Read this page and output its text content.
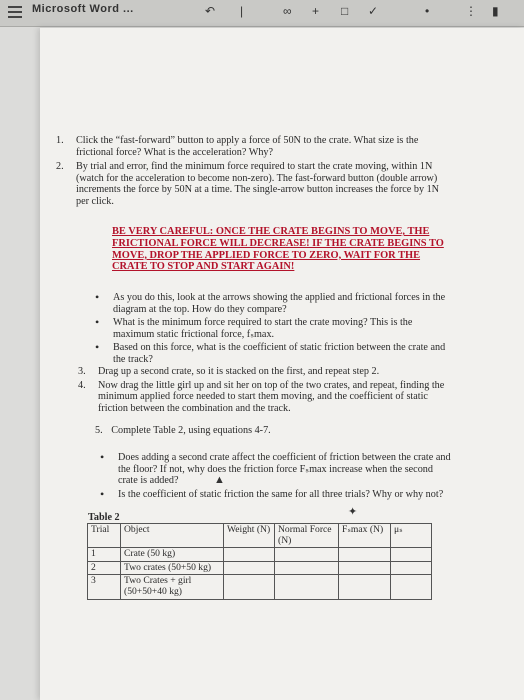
Microsoft Word ...	↶ |	∞ + □ ✓	•	⋮ ▮
1. Click the “fast-forward” button to apply a force of 50N to the crate. What size is the frictional force? What is the acceleration? Why?
2. By trial and error, find the minimum force required to start the crate moving, within 1N (watch for the acceleration to become non-zero). The fast-forward button (double arrow) increments the force by 50N at a time. The single-arrow button increases the force by 1N per click.
BE VERY CAREFUL: ONCE THE CRATE BEGINS TO MOVE, THE FRICTIONAL FORCE WILL DECREASE! IF THE CRATE BEGINS TO MOVE, DROP THE APPLIED FORCE TO ZERO, WAIT FOR THE CRATE TO STOP AND START AGAIN!
• As you do this, look at the arrows showing the applied and frictional forces in the diagram at the top. How do they compare?
• What is the minimum force required to start the crate moving? This is the maximum static frictional force, fₛmax.
• Based on this force, what is the coefficient of static friction between the crate and the track?
3. Drag up a second crate, so it is stacked on the first, and repeat step 2.
4. Now drag the little girl up and sit her on top of the two crates, and repeat, finding the minimum applied force needed to start them moving, and the coefficient of static friction between the combination and the track.
5. Complete Table 2, using equations 4-7.
• Does adding a second crate affect the coefficient of friction between the crate and the floor? If not, why does the friction force Fₛmax increase when the second crate is added?
• Is the coefficient of static friction the same for all three trials? Why or why not?
▲
✦
Table 2
Trial	Object	Weight (N)	Normal Force (N)	Fₛmax (N)	μₛ
1	Crate (50 kg)				
2	Two crates (50+50 kg)				
3	Two Crates + girl (50+50+40 kg)				
